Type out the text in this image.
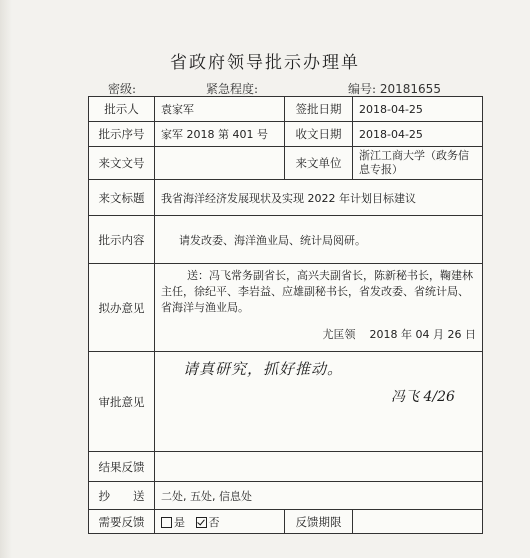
省政府领导批示办理单
密级:	紧急程度:	编号: 20181655
批示人	袁家军	签批日期	2018-04-25
批示序号	家军 2018 第 401 号	收文日期	2018-04-25
来文文号		来文单位	浙江工商大学（政务信息专报）
来文标题	我省海洋经济发展现状及实现 2022 年计划目标建议		
批示内容	请发改委、海洋渔业局、统计局阅研。		
拟办意见	送：冯飞常务副省长，高兴夫副省长，陈新秘书长，鞠建林主任，徐纪平、李岩益、应雄副秘书长，省发改委、省统计局、省海洋与渔业局。
尤匡领 2018 年 04 月 26 日		

审批意见	请真研究，抓好推动。
冯飞 4/26		

结果反馈			
抄　　送	二处, 五处, 信息处		
需要反馈	是 否	反馈期限	
